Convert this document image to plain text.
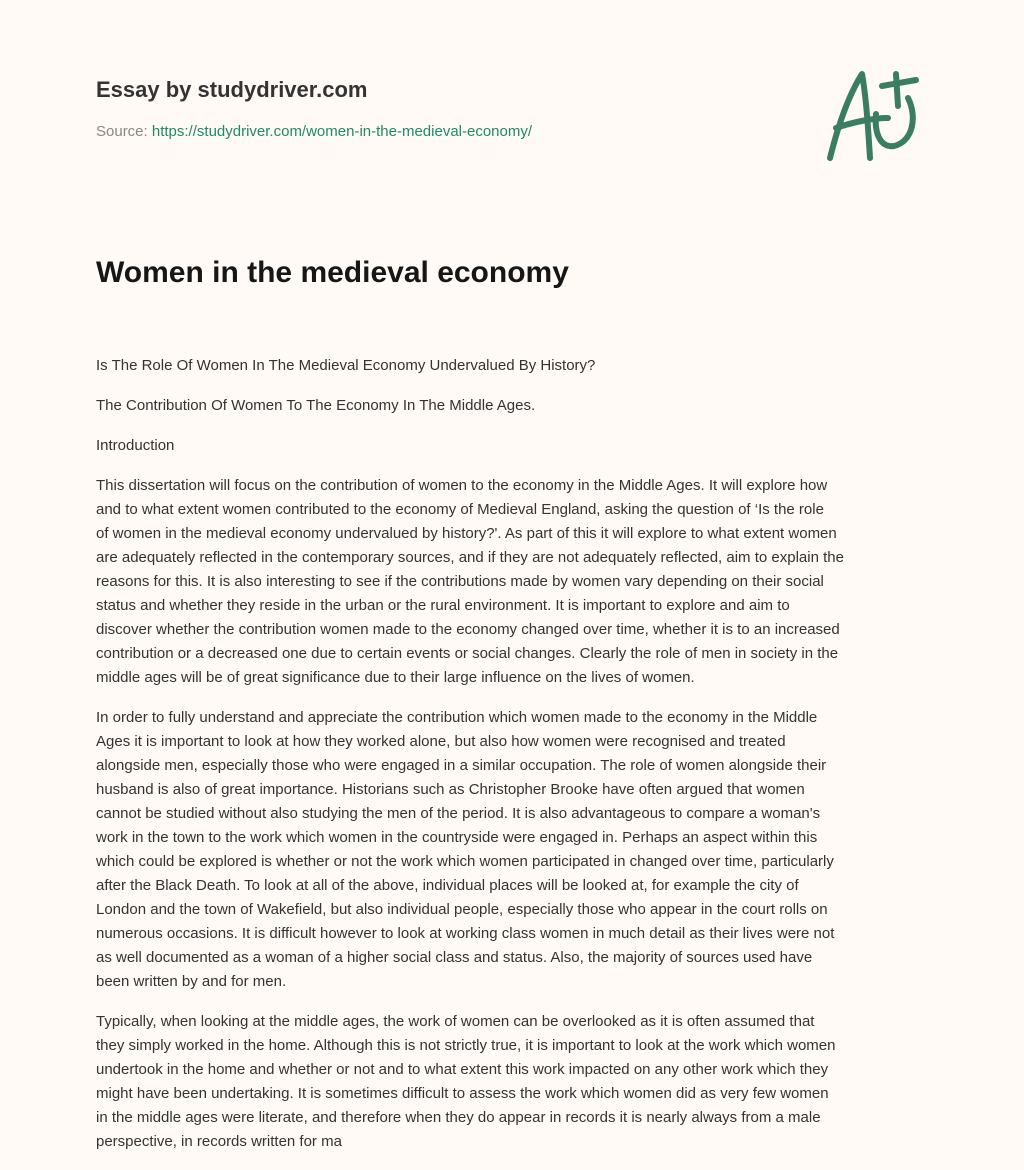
Essay by studydriver.com
Source: https://studydriver.com/women-in-the-medieval-economy/
Women in the medieval economy
Is The Role Of Women In The Medieval Economy Undervalued By History?
The Contribution Of Women To The Economy In The Middle Ages.
Introduction
This dissertation will focus on the contribution of women to the economy in the Middle Ages. It will explore how
and to what extent women contributed to the economy of Medieval England, asking the question of ‘Is the role
of women in the medieval economy undervalued by history?'. As part of this it will explore to what extent women
are adequately reflected in the contemporary sources, and if they are not adequately reflected, aim to explain the
reasons for this. It is also interesting to see if the contributions made by women vary depending on their social
status and whether they reside in the urban or the rural environment. It is important to explore and aim to
discover whether the contribution women made to the economy changed over time, whether it is to an increased
contribution or a decreased one due to certain events or social changes. Clearly the role of men in society in the
middle ages will be of great significance due to their large influence on the lives of women.
In order to fully understand and appreciate the contribution which women made to the economy in the Middle
Ages it is important to look at how they worked alone, but also how women were recognised and treated
alongside men, especially those who were engaged in a similar occupation. The role of women alongside their
husband is also of great importance. Historians such as Christopher Brooke have often argued that women
cannot be studied without also studying the men of the period. It is also advantageous to compare a woman's
work in the town to the work which women in the countryside were engaged in. Perhaps an aspect within this
which could be explored is whether or not the work which women participated in changed over time, particularly
after the Black Death. To look at all of the above, individual places will be looked at, for example the city of
London and the town of Wakefield, but also individual people, especially those who appear in the court rolls on
numerous occasions. It is difficult however to look at working class women in much detail as their lives were not
as well documented as a woman of a higher social class and status. Also, the majority of sources used have
been written by and for men.
Typically, when looking at the middle ages, the work of women can be overlooked as it is often assumed that
they simply worked in the home. Although this is not strictly true, it is important to look at the work which women
undertook in the home and whether or not and to what extent this work impacted on any other work which they
might have been undertaking. It is sometimes difficult to assess the work which women did as very few women
in the middle ages were literate, and therefore when they do appear in records it is nearly always from a male
perspective, in records written for ma
